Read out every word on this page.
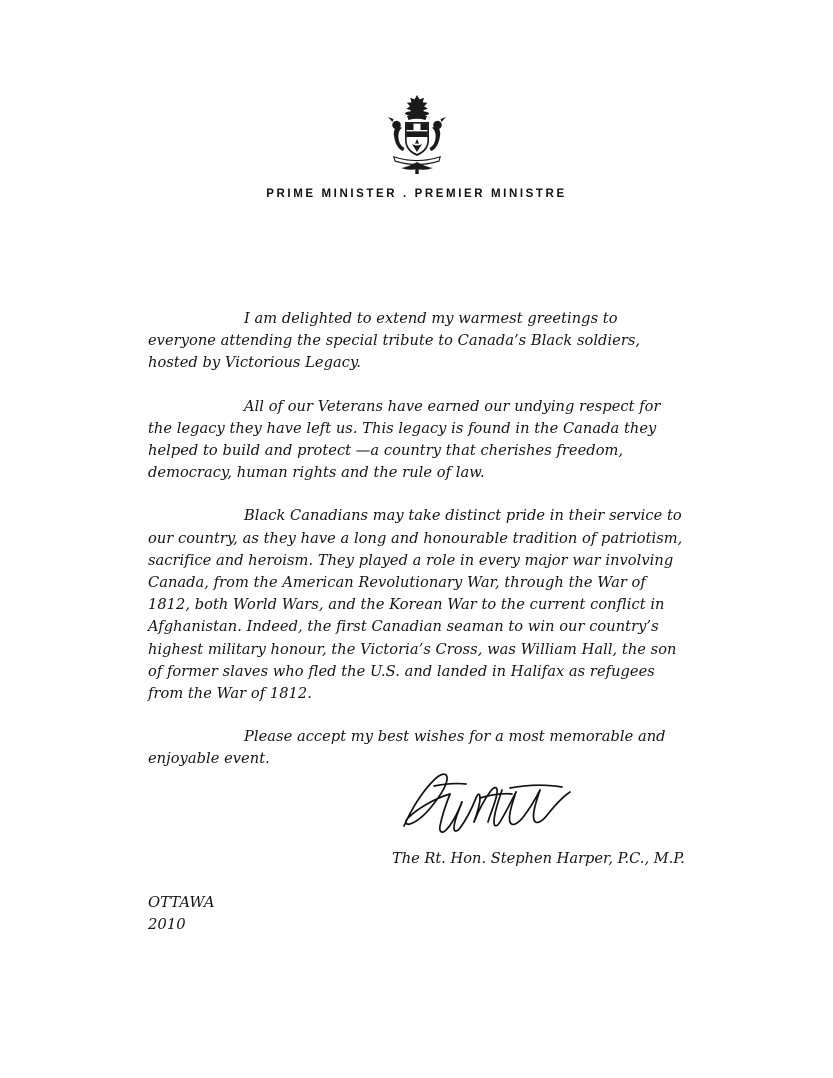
PRIME MINISTER . PREMIER MINISTRE

I am delighted to extend my warmest greetings to everyone attending the special tribute to Canada’s Black soldiers, hosted by Victorious Legacy.

All of our Veterans have earned our undying respect for the legacy they have left us. This legacy is found in the Canada they helped to build and protect —a country that cherishes freedom, democracy, human rights and the rule of law.

Black Canadians may take distinct pride in their service to our country, as they have a long and honourable tradition of patriotism, sacrifice and heroism. They played a role in every major war involving Canada, from the American Revolutionary War, through the War of 1812, both World Wars, and the Korean War to the current conflict in Afghanistan. Indeed, the first Canadian seaman to win our country’s highest military honour, the Victoria’s Cross, was William Hall, the son of former slaves who fled the U.S. and landed in Halifax as refugees from the War of 1812.

Please accept my best wishes for a most memorable and enjoyable event.

The Rt. Hon. Stephen Harper, P.C., M.P.
OTTAWA
2010
